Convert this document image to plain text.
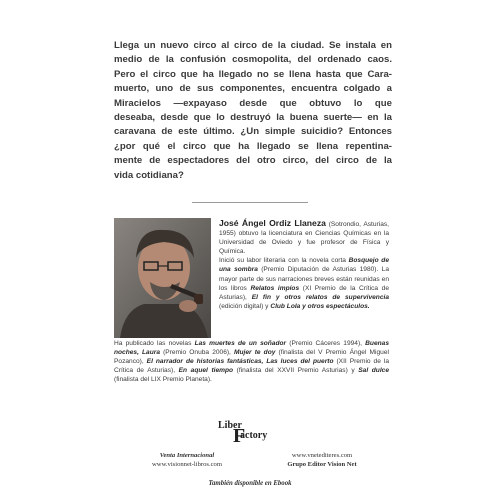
Llega un nuevo circo al circo de la ciudad. Se instala en
medio de la confusión cosmopolita, del ordenado caos.
Pero el circo que ha llegado no se llena hasta que Cara-
muerto, uno de sus componentes, encuentra colgado a
Miracielos —expayaso desde que obtuvo lo que
deseaba, desde que lo destruyó la buena suerte— en la
caravana de este último. ¿Un simple suicidio? Entonces
¿por qué el circo que ha llegado se llena repentina-
mente de espectadores del otro circo, del circo de la
vida cotidiana?
José Ángel Ordiz Llaneza (Sotrondio, Asturias, 1955) obtuvo la licenciatura en Ciencias Químicas en la Universidad de Oviedo y fue profesor de Física y Química.
Inició su labor literaria con la novela corta Bosquejo de una sombra (Premio Diputación de Asturias 1980). La mayor parte de sus narraciones breves están reunidas en los libros Relatos impíos (XI Premio de la Crítica de Asturias), El fin y otros relatos de supervivencia (edición digital) y Club Lola y otros espectáculos.
Ha publicado las novelas Las muertes de un soñador (Premio Cáceres 1994), Buenas noches, Laura (Premio Onuba 2006), Mujer te doy (finalista del V Premio Ángel Miguel Pozanco), El narrador de historias fantásticas, Las luces del puerto (XII Premio de la Crítica de Asturias), En aquel tiempo (finalista del XXVII Premio Asturias) y Sal dulce (finalista del LIX Premio Planeta).
Liber
F
actory
Venta Internacional
www.visionnet-libros.com
www.vnetediteres.com
Grupo Editor Vision Net
También disponible en Ebook
